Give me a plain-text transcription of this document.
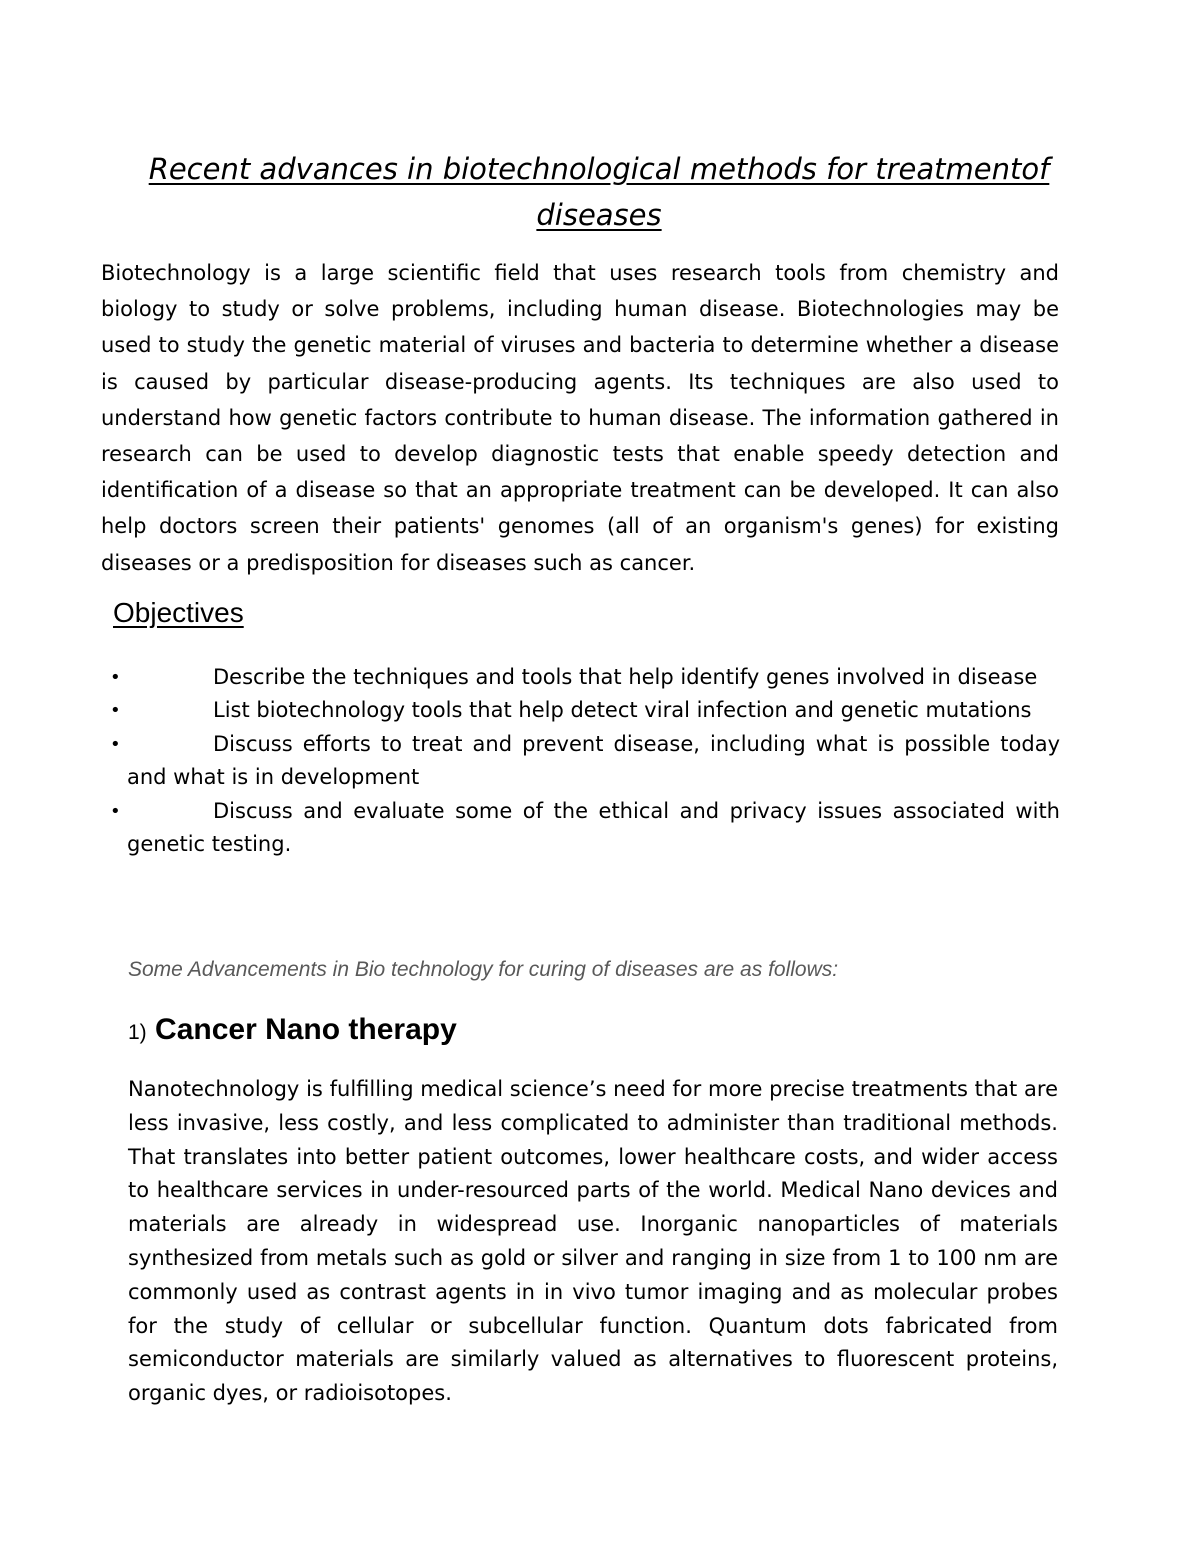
Recent advances in biotechnological methods for treatmentof diseases

Biotechnology is a large scientific field that uses research tools from chemistry and biology to study or solve problems, including human disease. Biotechnologies may be used to study the genetic material of viruses and bacteria to determine whether a disease is caused by particular disease-producing agents. Its techniques are also used to understand how genetic factors contribute to human disease. The information gathered in research can be used to develop diagnostic tests that enable speedy detection and identification of a disease so that an appropriate treatment can be developed. It can also help doctors screen their patients' genomes (all of an organism's genes) for existing diseases or a predisposition for diseases such as cancer.

Objectives
•	Describe the techniques and tools that help identify genes involved in disease
•	List biotechnology tools that help detect viral infection and genetic mutations
•	Discuss efforts to treat and prevent disease, including what is possible today and what is in development
•	Discuss and evaluate some of the ethical and privacy issues associated with genetic testing.

Some Advancements in Bio technology for curing of diseases are as follows:

1) Cancer Nano therapy

Nanotechnology is fulfilling medical science’s need for more precise treatments that are less invasive, less costly, and less complicated to administer than traditional methods. That translates into better patient outcomes, lower healthcare costs, and wider access to healthcare services in under-resourced parts of the world. Medical Nano devices and materials are already in widespread use. Inorganic nanoparticles of materials synthesized from metals such as gold or silver and ranging in size from 1 to 100 nm are commonly used as contrast agents in in vivo tumor imaging and as molecular probes for the study of cellular or subcellular function. Quantum dots fabricated from semiconductor materials are similarly valued as alternatives to fluorescent proteins, organic dyes, or radioisotopes.
